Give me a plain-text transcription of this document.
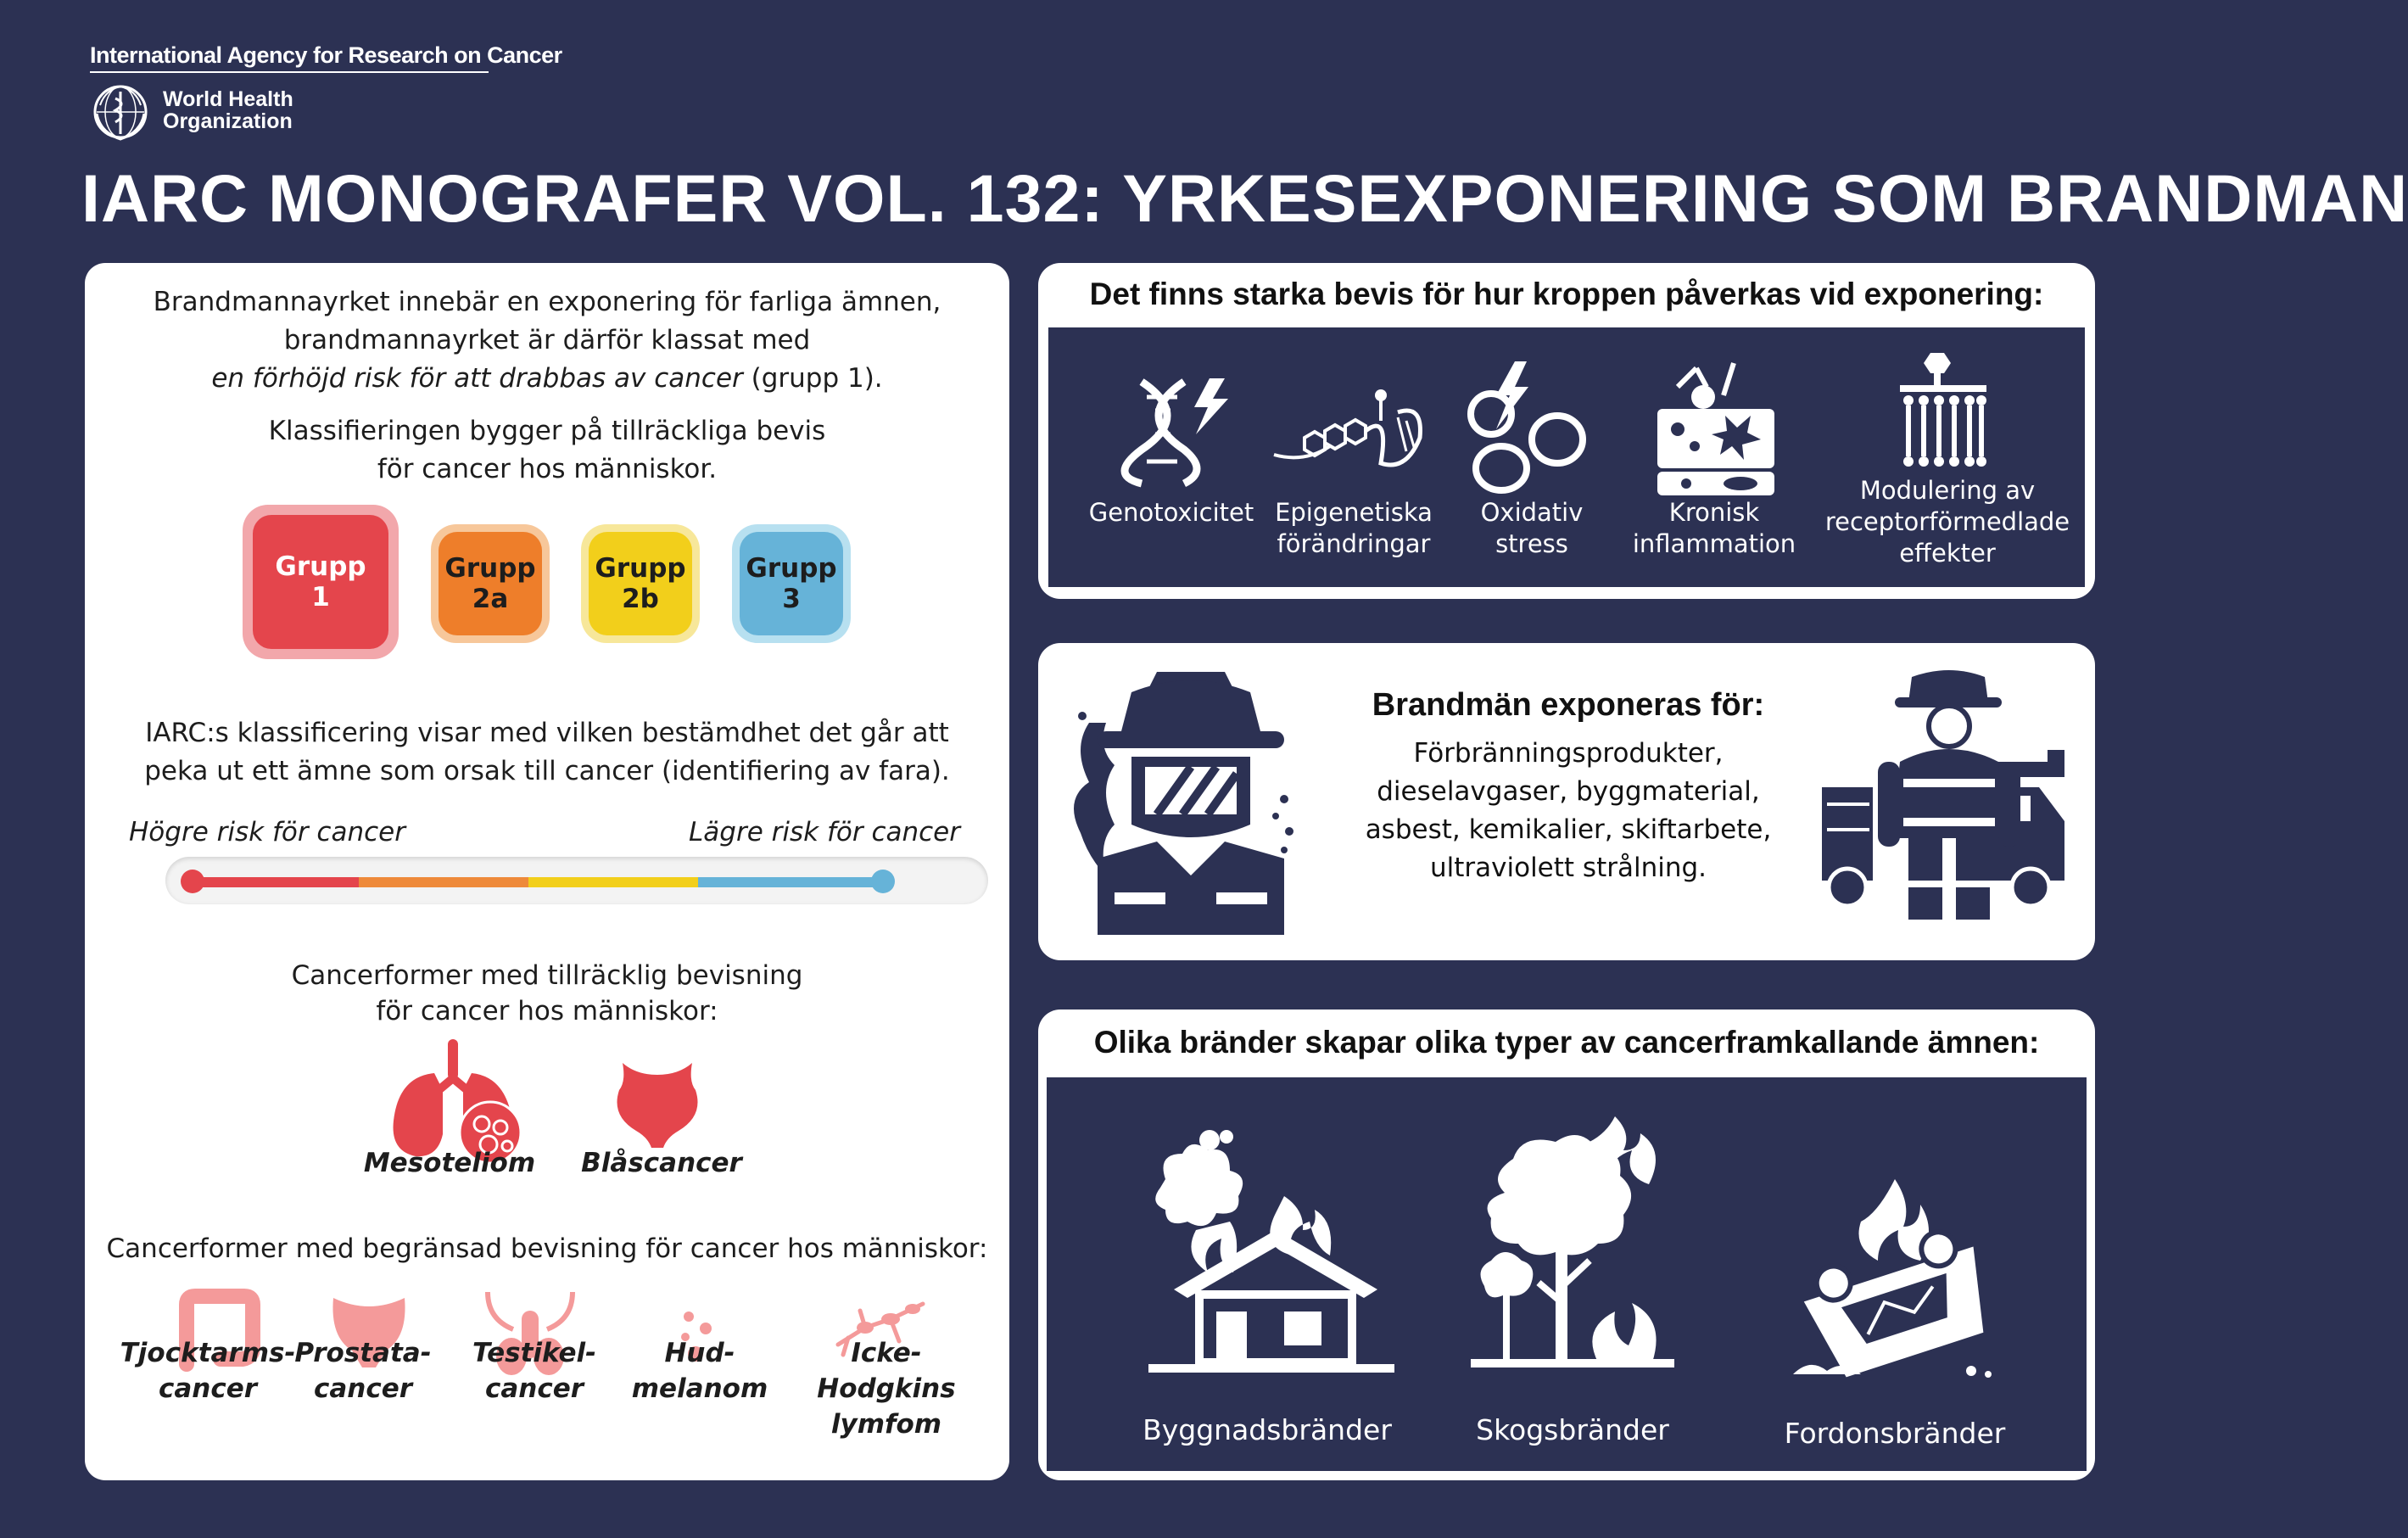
International Agency for Research on Cancer
World Health
Organization
IARC MONOGRAFER VOL. 132: YRKESEXPONERING SOM BRANDMAN
Brandmannayrket innebär en exponering för farliga ämnen,
brandmannayrket är därför klassat med
en förhöjd risk för att drabbas av cancer (grupp 1).
Klassifieringen bygger på tillräckliga bevis
för cancer hos människor.
Grupp
1
Grupp
2a
Grupp
2b
Grupp
3
IARC:s klassificering visar med vilken bestämdhet det går att
peka ut ett ämne som orsak till cancer (identifiering av fara).
Högre risk för cancer	Lägre risk för cancer
Cancerformer med tillräcklig bevisning
för cancer hos människor:
Mesoteliom	Blåscancer
Cancerformer med begränsad bevisning för cancer hos människor:
Tjocktarms-
cancer
Prostata-
cancer
Testikel-
cancer
Hud-
melanom
Icke-Hodgkins
lymfom
Det finns starka bevis för hur kroppen påverkas vid exponering:
Genotoxicitet Epigenetiska
förändringar
Oxidativ
stress
Kronisk
inflammation
Modulering av
receptorförmedlade
effekter
Brandmän exponeras för:
Förbränningsprodukter,
dieselavgaser, byggmaterial,
asbest, kemikalier, skiftarbete,
ultraviolett strålning.
Olika bränder skapar olika typer av cancerframkallande ämnen:
Byggnadsbränder	Skogsbränder	Fordonsbränder
